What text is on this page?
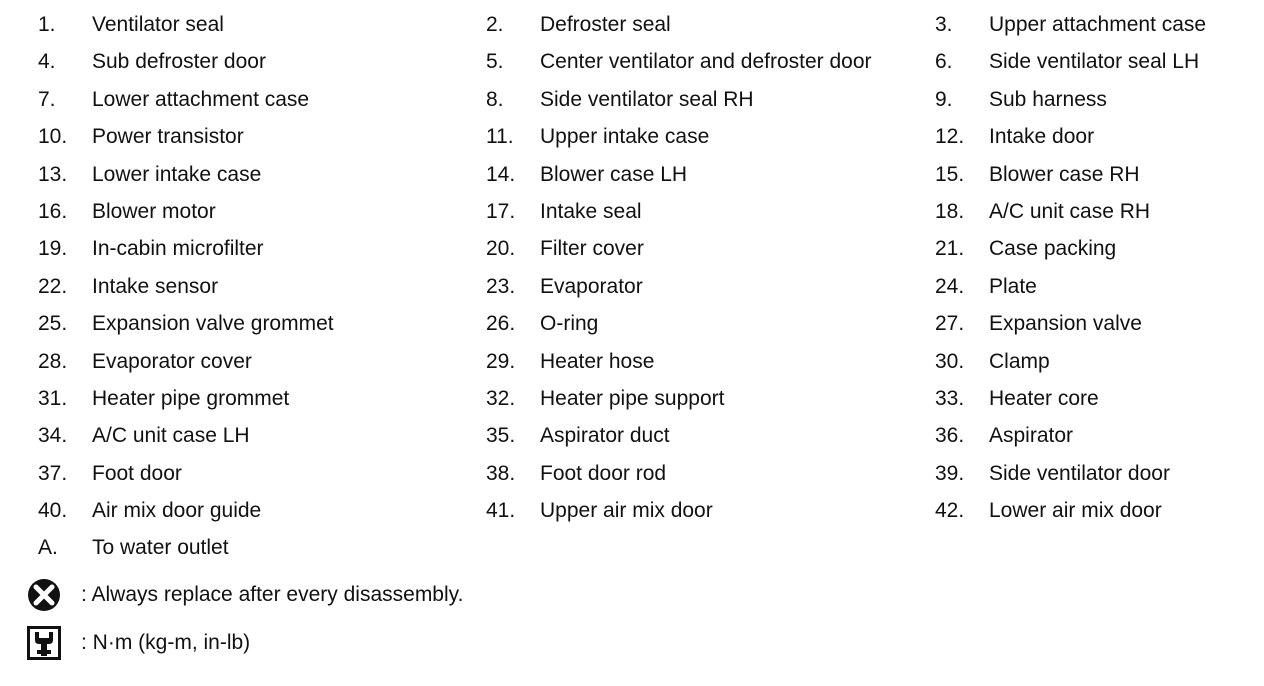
1. Ventilator seal	2. Defroster seal	3. Upper attachment case
4. Sub defroster door	5. Center ventilator and defroster door	6. Side ventilator seal LH
7. Lower attachment case	8. Side ventilator seal RH	9. Sub harness
10. Power transistor	11. Upper intake case	12. Intake door
13. Lower intake case	14. Blower case LH	15. Blower case RH
16. Blower motor	17. Intake seal	18. A/C unit case RH
19. In-cabin microfilter	20. Filter cover	21. Case packing
22. Intake sensor	23. Evaporator	24. Plate
25. Expansion valve grommet	26. O-ring	27. Expansion valve
28. Evaporator cover	29. Heater hose	30. Clamp
31. Heater pipe grommet	32. Heater pipe support	33. Heater core
34. A/C unit case LH	35. Aspirator duct	36. Aspirator
37. Foot door	38. Foot door rod	39. Side ventilator door
40. Air mix door guide	41. Upper air mix door	42. Lower air mix door
A. To water outlet
: Always replace after every disassembly.
: N·m (kg-m, in-lb)
